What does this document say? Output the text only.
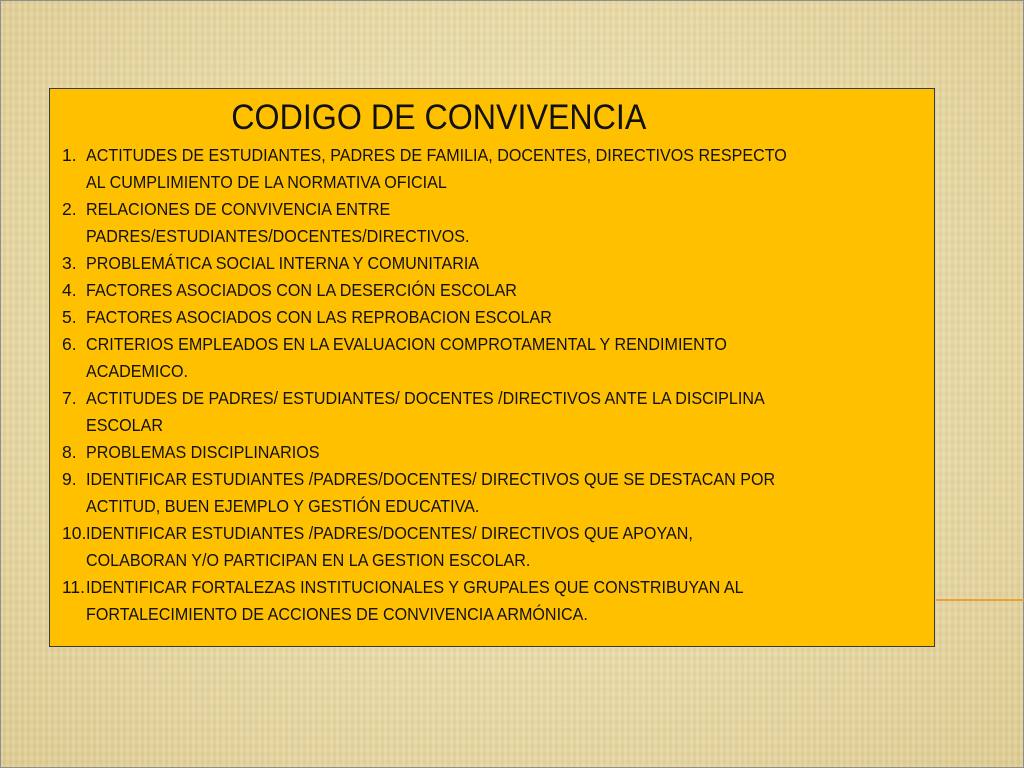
CODIGO DE CONVIVENCIA
1. ACTITUDES DE ESTUDIANTES, PADRES DE FAMILIA, DOCENTES, DIRECTIVOS RESPECTO
AL CUMPLIMIENTO DE LA NORMATIVA OFICIAL
2. RELACIONES DE CONVIVENCIA ENTRE
PADRES/ESTUDIANTES/DOCENTES/DIRECTIVOS.
3. PROBLEMÁTICA SOCIAL INTERNA Y COMUNITARIA
4. FACTORES ASOCIADOS CON LA DESERCIÓN ESCOLAR
5. FACTORES ASOCIADOS CON LAS REPROBACION ESCOLAR
6. CRITERIOS EMPLEADOS EN LA EVALUACION COMPROTAMENTAL Y RENDIMIENTO
ACADEMICO.
7. ACTITUDES DE PADRES/ ESTUDIANTES/ DOCENTES /DIRECTIVOS ANTE LA DISCIPLINA
ESCOLAR
8. PROBLEMAS DISCIPLINARIOS
9. IDENTIFICAR ESTUDIANTES /PADRES/DOCENTES/ DIRECTIVOS QUE SE DESTACAN POR
ACTITUD, BUEN EJEMPLO Y GESTIÓN EDUCATIVA.
10. IDENTIFICAR ESTUDIANTES /PADRES/DOCENTES/ DIRECTIVOS QUE APOYAN,
COLABORAN Y/O PARTICIPAN EN LA GESTION ESCOLAR.
11. IDENTIFICAR FORTALEZAS INSTITUCIONALES Y GRUPALES QUE CONSTRIBUYAN AL
FORTALECIMIENTO DE ACCIONES DE CONVIVENCIA ARMÓNICA.
